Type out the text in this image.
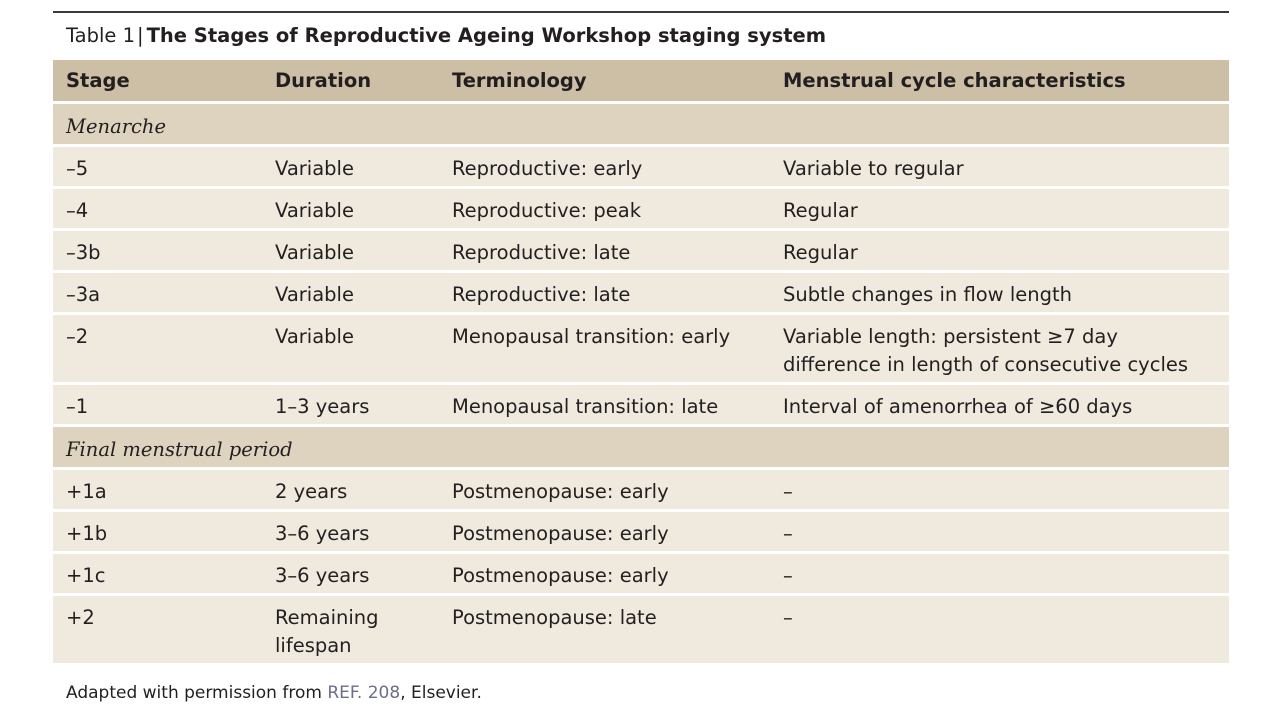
Table 1 | The Stages of Reproductive Ageing Workshop staging system
Stage	Duration	Terminology	Menstrual cycle characteristics
Menarche			
–5	Variable	Reproductive: early	Variable to regular
–4	Variable	Reproductive: peak	Regular
–3b	Variable	Reproductive: late	Regular
–3a	Variable	Reproductive: late	Subtle changes in flow length
–2	Variable	Menopausal transition: early	Variable length: persistent ≥7 day difference in length of consecutive cycles
–1	1–3 years	Menopausal transition: late	Interval of amenorrhea of ≥60 days
Final menstrual period			
+1a	2 years	Postmenopause: early	–
+1b	3–6 years	Postmenopause: early	–
+1c	3–6 years	Postmenopause: early	–
+2	Remaining lifespan	Postmenopause: late	–
Adapted with permission from REF. 208, Elsevier.
